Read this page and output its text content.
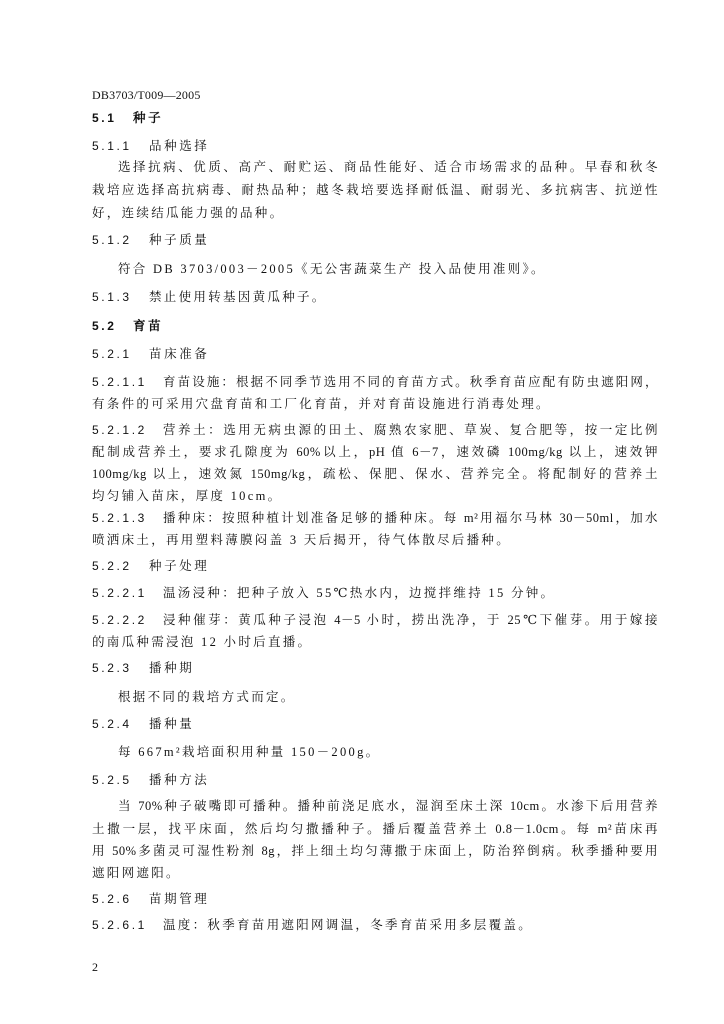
DB3703/T009—2005
5.1	种子
5.1.1	品种选择
选择抗病、优质、高产、耐贮运、商品性能好、适合市场需求的品种。早春和秋冬
栽培应选择高抗病毒、耐热品种；越冬栽培要选择耐低温、耐弱光、多抗病害、抗逆性
好，连续结瓜能力强的品种。
5.1.2	种子质量
符合 DB 3703/003－2005《无公害蔬菜生产 投入品使用准则》。
5.1.3	禁止使用转基因黄瓜种子。
5.2	育苗
5.2.1	苗床准备
5.2.1.1	育苗设施：根据不同季节选用不同的育苗方式。秋季育苗应配有防虫遮阳网，
有条件的可采用穴盘育苗和工厂化育苗，并对育苗设施进行消毒处理。
5.2.1.2	营养土：选用无病虫源的田土、腐熟农家肥、草炭、复合肥等，按一定比例
配制成营养土，要求孔隙度为 60%以上，pH 值 6－7，速效磷 100mg/kg 以上，速效钾
100mg/kg 以上，速效氮 150mg/kg，疏松、保肥、保水、营养完全。将配制好的营养土
均匀铺入苗床，厚度 10cm。
5.2.1.3	播种床：按照种植计划准备足够的播种床。每 m²用福尔马林 30－50ml，加水
喷洒床土，再用塑料薄膜闷盖 3 天后揭开，待气体散尽后播种。
5.2.2	种子处理
5.2.2.1	温汤浸种：把种子放入 55℃热水内，边搅拌维持 15 分钟。
5.2.2.2	浸种催芽：黄瓜种子浸泡 4－5 小时，捞出洗净，于 25℃下催芽。用于嫁接
的南瓜种需浸泡 12 小时后直播。
5.2.3	播种期
根据不同的栽培方式而定。
5.2.4	播种量
每 667m²栽培面积用种量 150－200g。
5.2.5	播种方法
当 70%种子破嘴即可播种。播种前浇足底水，湿润至床土深 10cm。水渗下后用营养
土撒一层，找平床面，然后均匀撒播种子。播后覆盖营养土 0.8－1.0cm。每 m²苗床再
用 50%多菌灵可湿性粉剂 8g，拌上细土均匀薄撒于床面上，防治猝倒病。秋季播种要用
遮阳网遮阳。
5.2.6	苗期管理
5.2.6.1	温度：秋季育苗用遮阳网调温，冬季育苗采用多层覆盖。
2
